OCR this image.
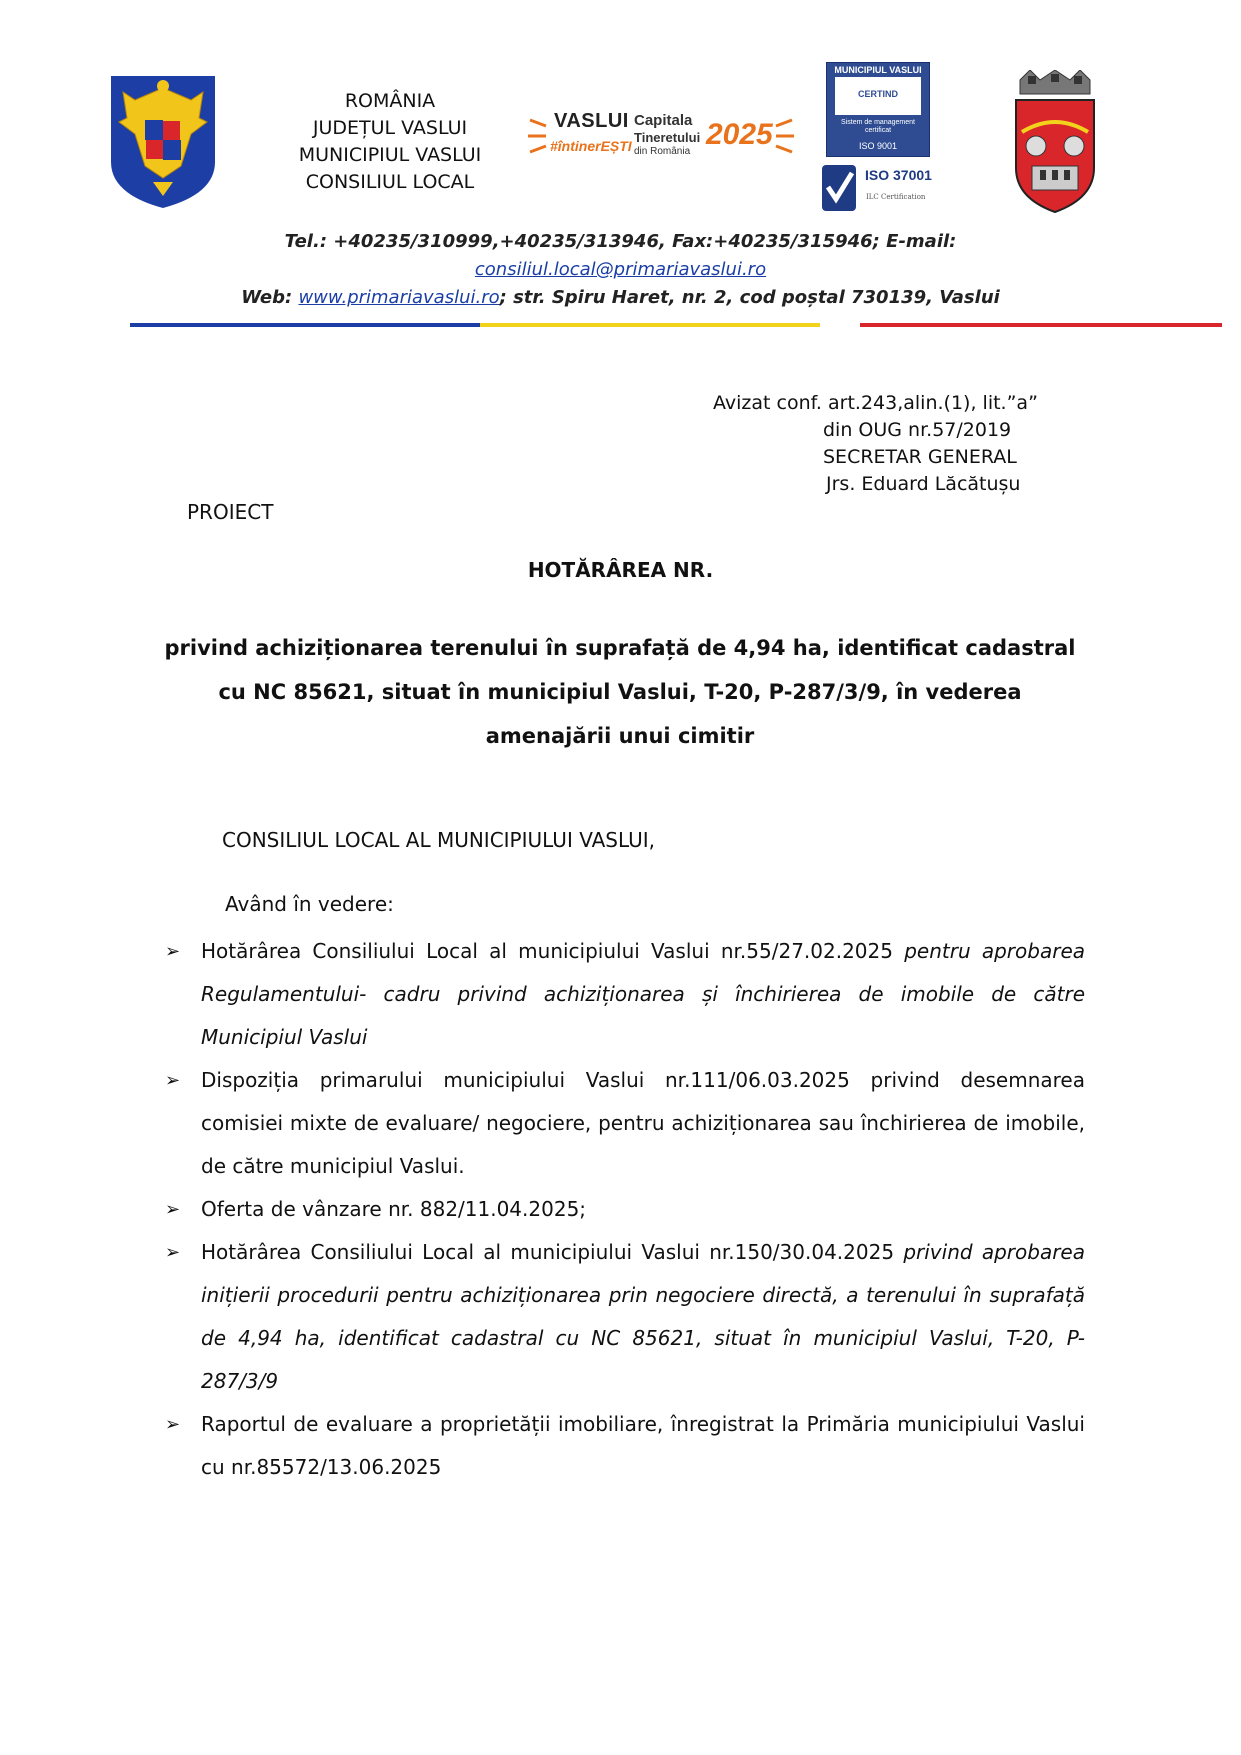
ROMÂNIA
JUDEȚUL VASLUI
MUNICIPIUL VASLUI
CONSILIUL LOCAL
VASLUI
#întinerEȘTI
Capitala
Tineretului
din România
2025
MUNICIPIUL VASLUI
CERTIND
Sistem de management certificat
ISO 9001
ISO 37001
ILC Certification
Tel.: +40235/310999,+40235/313946, Fax:+40235/315946; E-mail:
consiliul.local@primariavaslui.ro
Web: www.primariavaslui.ro; str. Spiru Haret, nr. 2, cod poștal 730139, Vaslui
Avizat conf. art.243,alin.(1), lit.”a”
din OUG nr.57/2019
SECRETAR GENERAL
Jrs. Eduard Lăcătușu
PROIECT
HOTĂRÂREA NR.
privind achiziționarea terenului în suprafață de 4,94 ha, identificat cadastral
cu NC 85621, situat în municipiul Vaslui, T-20, P-287/3/9, în vederea
amenajării unui cimitir
CONSILIUL LOCAL AL MUNICIPIULUI VASLUI,
Având în vedere:
➢ Hotărârea Consiliului Local al municipiului Vaslui nr.55/27.02.2025 pentru aprobarea Regulamentului- cadru privind achiziționarea și închirierea de imobile de către Municipiul Vaslui
➢ Dispoziția primarului municipiului Vaslui nr.111/06.03.2025 privind desemnarea comisiei mixte de evaluare/ negociere, pentru achiziționarea sau închirierea de imobile, de către municipiul Vaslui.
➢ Oferta de vânzare nr. 882/11.04.2025;
➢ Hotărârea Consiliului Local al municipiului Vaslui nr.150/30.04.2025 privind aprobarea inițierii procedurii pentru achiziționarea prin negociere directă, a terenului în suprafață de 4,94 ha, identificat cadastral cu NC 85621, situat în municipiul Vaslui, T-20, P-287/3/9
➢ Raportul de evaluare a proprietății imobiliare, înregistrat la Primăria municipiului Vaslui cu nr.85572/13.06.2025
